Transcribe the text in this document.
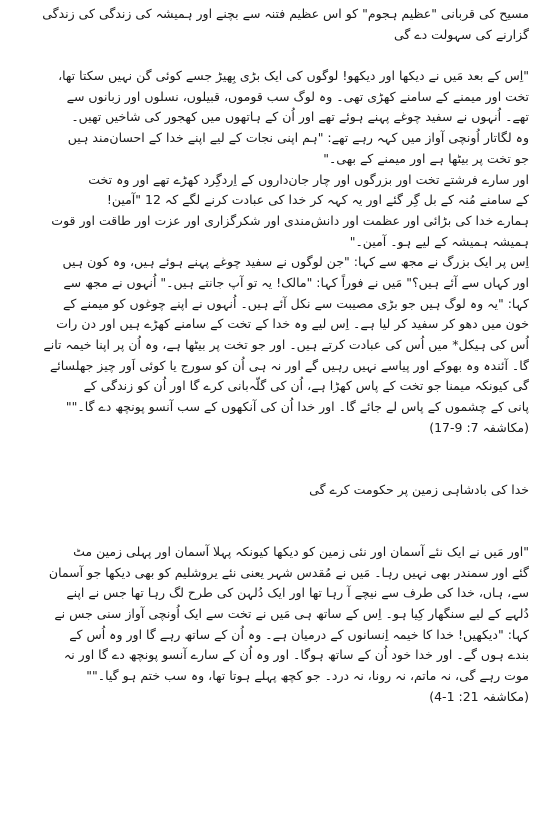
مسیح کی قربانی "عظیم ہجوم" کو اس عظیم فتنہ سے بچنے اور ہمیشہ کی زندگی کی زندگی
گزارنے کی سہولت دے گی
"اِس کے بعد مَیں نے دیکھا اور دیکھو! لوگوں کی ایک بڑی بِھیڑ جسے کوئی گن نہیں سکتا تھا،
تخت اور میمنے کے سامنے کھڑی تھی۔ وہ لوگ سب قوموں، قبیلوں، نسلوں اور زبانوں سے
تھے۔ اُنہوں نے سفید چوغے پہنے ہوئے تھے اور اُن کے ہاتھوں میں کھجور کی شاخیں تھیں۔
وہ لگاتار اُونچی آواز میں کہہ رہے تھے: "ہم اپنی نجات کے لیے اپنے خدا کے احسان‌مند ہیں
جو تخت پر بیٹھا ہے اور میمنے کے بھی۔"
اور سارے فرشتے تخت اور بزرگوں اور چار جان‌داروں کے اِردگِرد کھڑے تھے اور وہ تخت
کے سامنے مُنہ کے بل گِر گئے اور یہ کہہ کر خدا کی عبادت کرنے لگے کہ 12 "آمین!
ہمارے خدا کی بڑائی اور عظمت اور دانش‌مندی اور شکرگزاری اور عزت اور طاقت اور قوت
ہمیشہ ہمیشہ کے لیے ہو۔ آمین۔"
اِس پر ایک بزرگ نے مجھ سے کہا: "جن لوگوں نے سفید چوغے پہنے ہوئے ہیں، وہ کون ہیں
اور کہاں سے آئے ہیں؟" مَیں نے فوراً کہا: "مالک! یہ تو آپ جانتے ہیں۔" اُنہوں نے مجھ سے
کہا: "یہ وہ لوگ ہیں جو بڑی مصیبت سے نکل آئے ہیں۔ اُنہوں نے اپنے چوغوں کو میمنے کے
خون میں دھو کر سفید کر لیا ہے۔ اِس لیے وہ خدا کے تخت کے سامنے کھڑے ہیں اور دن رات
اُس کی ہیکل* میں اُس کی عبادت کرتے ہیں۔ اور جو تخت پر بیٹھا ہے، وہ اُن پر اپنا خیمہ تانے
گا۔ آئندہ وہ بھوکے اور پیاسے نہیں رہیں گے اور نہ ہی اُن کو سورج یا کوئی اَور چیز جھلسائے
گی کیونکہ میمنا جو تخت کے پاس کھڑا ہے، اُن کی گلّہ‌بانی کرے گا اور اُن کو زندگی کے
پانی کے چشموں کے پاس لے جائے گا۔ اور خدا اُن کی آنکھوں کے سب آنسو پونچھ دے گا۔""
(مکاشفہ 7: 9-17)
خدا کی بادشاہی زمین پر حکومت کرے گی
"اور مَیں نے ایک نئے آسمان اور نئی زمین کو دیکھا کیونکہ پہلا آسمان اور پہلی زمین مٹ
گئے اور سمندر بھی نہیں رہا۔ مَیں نے مُقدس شہر یعنی نئے یروشلیم کو بھی دیکھا جو آسمان
سے، ہاں، خدا کی طرف سے نیچے آ رہا تھا اور ایک دُلہن کی طرح لگ رہا تھا جس نے اپنے
دُلہے کے لیے سنگھار کِیا ہو۔ اِس کے ساتھ ہی مَیں نے تخت سے ایک اُونچی آواز سنی جس نے
کہا: "دیکھیں! خدا کا خیمہ اِنسانوں کے درمیان ہے۔ وہ اُن کے ساتھ رہے گا اور وہ اُس کے
بندے ہوں گے۔ اور خدا خود اُن کے ساتھ ہوگا۔ اور وہ اُن کے سارے آنسو پونچھ دے گا اور نہ
موت رہے گی، نہ ماتم، نہ رونا، نہ درد۔ جو کچھ پہلے ہوتا تھا، وہ سب ختم ہو گیا۔""
(مکاشفہ 21: 1-4)
